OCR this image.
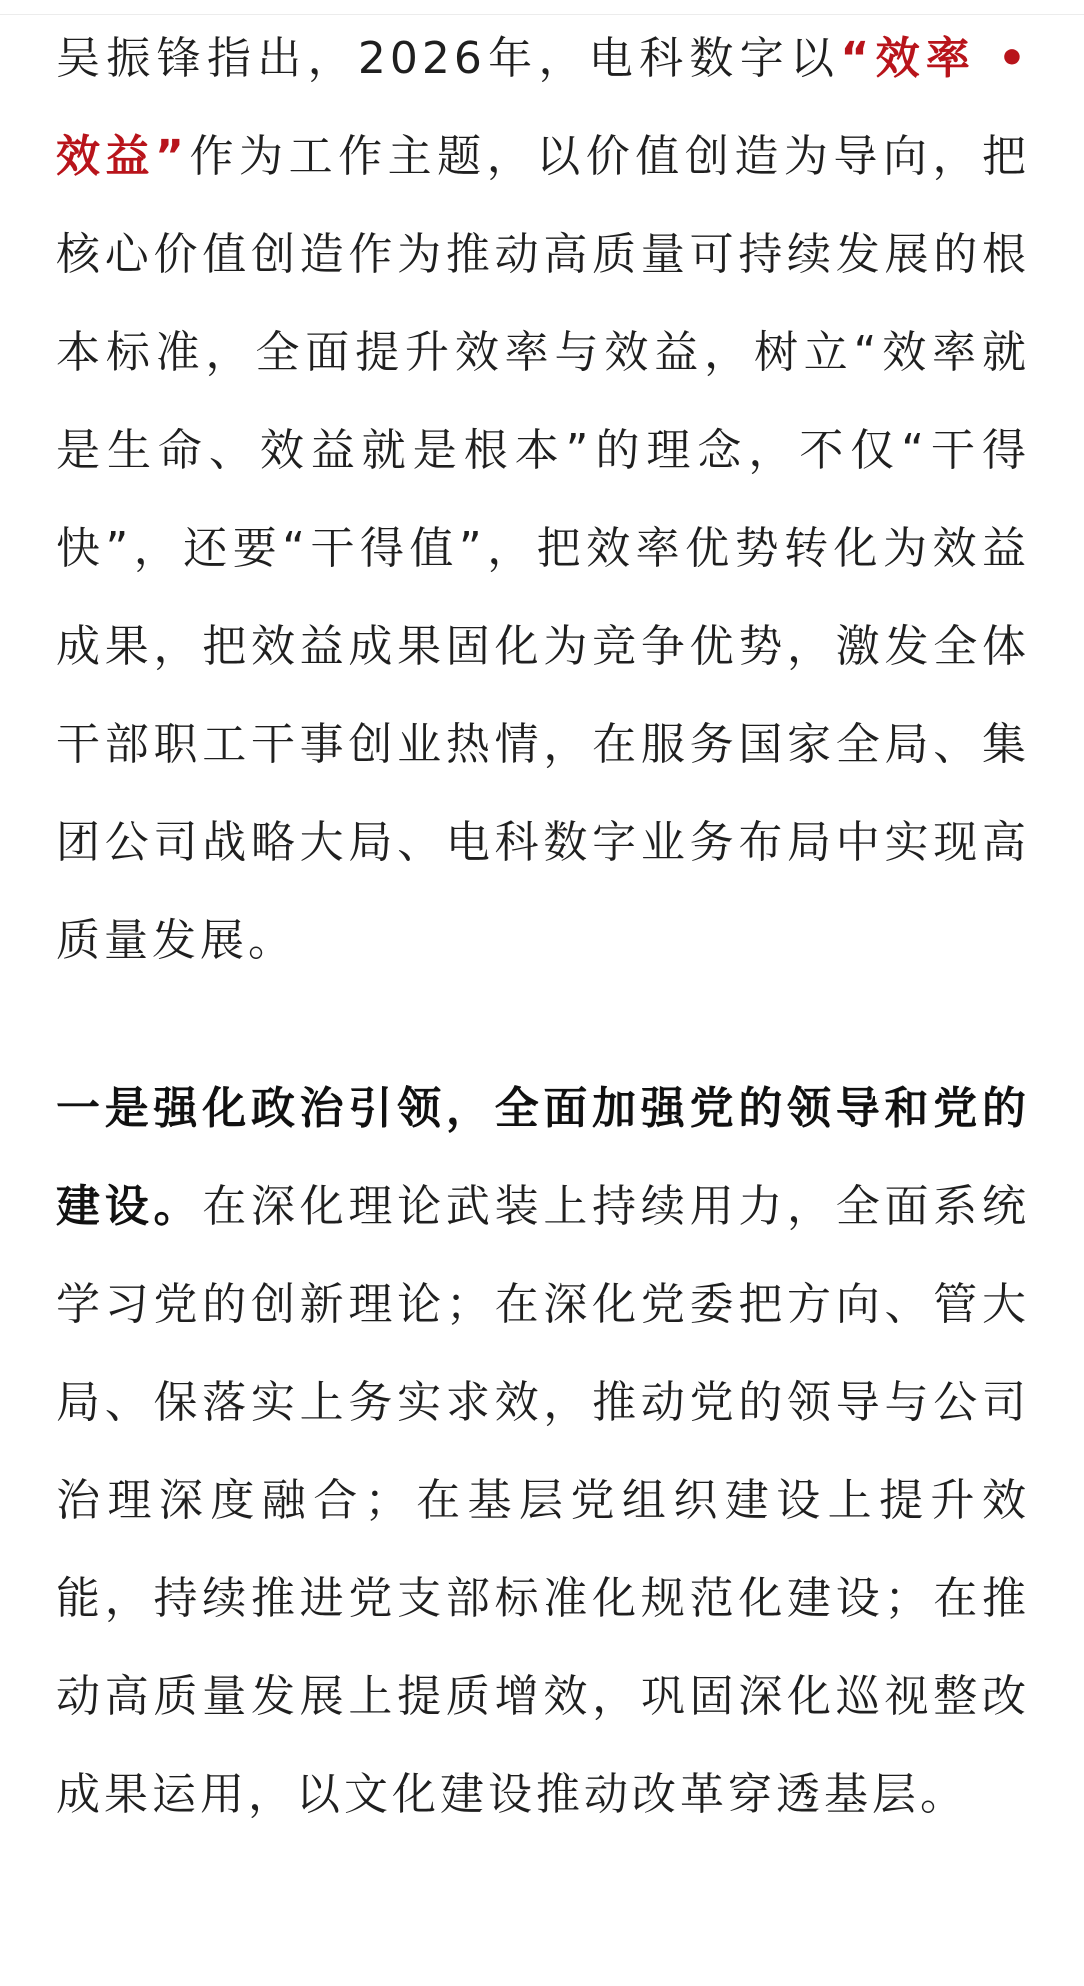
吴振锋指出，2026年，电科数字以“效率 • 效益”作为工作主题，以价值创造为导向，把核心价值创造作为推动高质量可持续发展的根本标准，全面提升效率与效益，树立“效率就是生命、效益就是根本”的理念，不仅“干得快”，还要“干得值”，把效率优势转化为效益成果，把效益成果固化为竞争优势，激发全体干部职工干事创业热情，在服务国家全局、集团公司战略大局、电科数字业务布局中实现高质量发展。

一是强化政治引领，全面加强党的领导和党的建设。在深化理论武装上持续用力，全面系统学习党的创新理论；在深化党委把方向、管大局、保落实上务实求效，推动党的领导与公司治理深度融合；在基层党组织建设上提升效能，持续推进党支部标准化规范化建设；在推动高质量发展上提质增效，巩固深化巡视整改成果运用，以文化建设推动改革穿透基层。
